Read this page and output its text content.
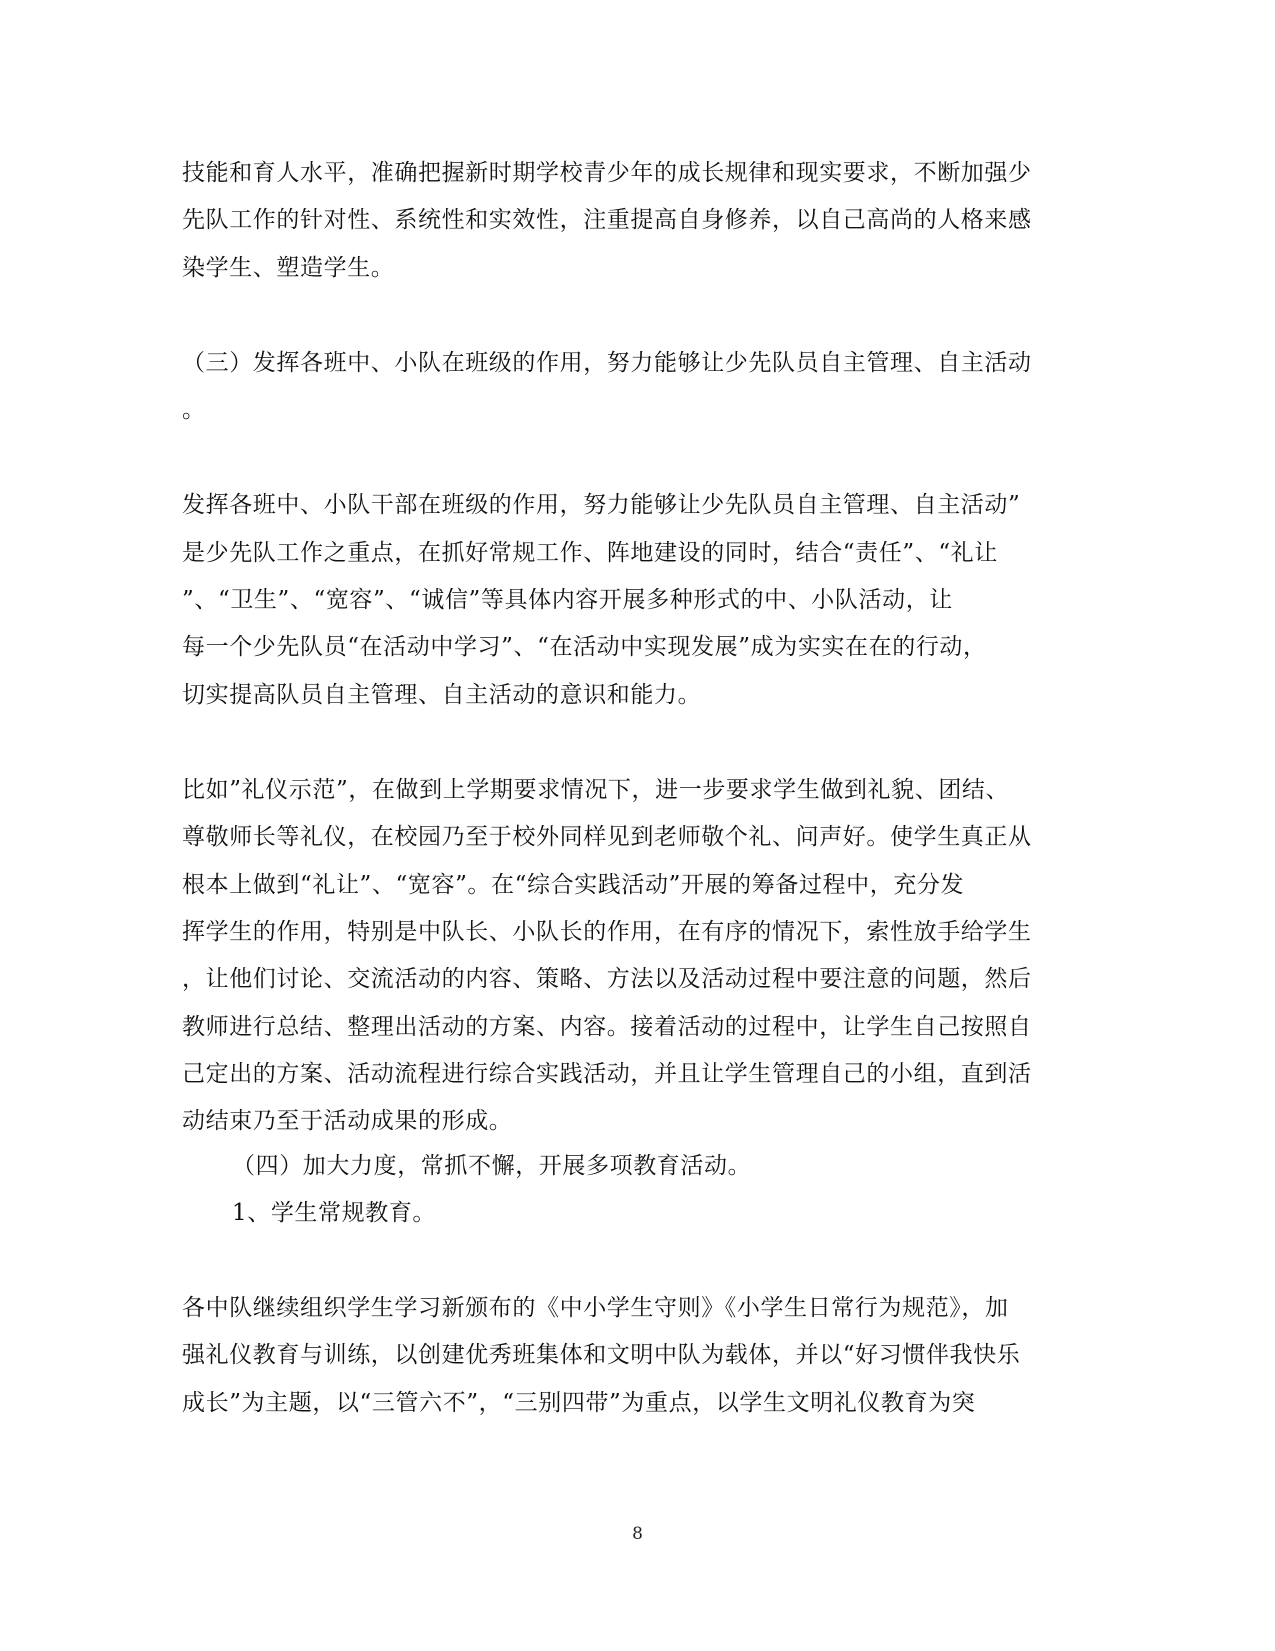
技能和育人水平，准确把握新时期学校青少年的成长规律和现实要求，不断加强少
先队工作的针对性、系统性和实效性，注重提高自身修养，以自己高尚的人格来感
染学生、塑造学生。
（三）发挥各班中、小队在班级的作用，努力能够让少先队员自主管理、自主活动
。
发挥各班中、小队干部在班级的作用，努力能够让少先队员自主管理、自主活动”
是少先队工作之重点，在抓好常规工作、阵地建设的同时，结合“责任”、“礼让
”、“卫生”、“宽容”、“诚信”等具体内容开展多种形式的中、小队活动，让
每一个少先队员“在活动中学习”、“在活动中实现发展”成为实实在在的行动，
切实提高队员自主管理、自主活动的意识和能力。
比如”礼仪示范”，在做到上学期要求情况下，进一步要求学生做到礼貌、团结、
尊敬师长等礼仪，在校园乃至于校外同样见到老师敬个礼、问声好。使学生真正从
根本上做到“礼让”、“宽容”。在“综合实践活动”开展的筹备过程中，充分发
挥学生的作用，特别是中队长、小队长的作用，在有序的情况下，索性放手给学生
，让他们讨论、交流活动的内容、策略、方法以及活动过程中要注意的问题，然后
教师进行总结、整理出活动的方案、内容。接着活动的过程中，让学生自己按照自
己定出的方案、活动流程进行综合实践活动，并且让学生管理自己的小组，直到活
动结束乃至于活动成果的形成。
（四）加大力度，常抓不懈，开展多项教育活动。
1、学生常规教育。
各中队继续组织学生学习新颁布的《中小学生守则》《小学生日常行为规范》，加
强礼仪教育与训练，以创建优秀班集体和文明中队为载体，并以“好习惯伴我快乐
成长”为主题，以“三管六不”，“三别四带”为重点，以学生文明礼仪教育为突
8
